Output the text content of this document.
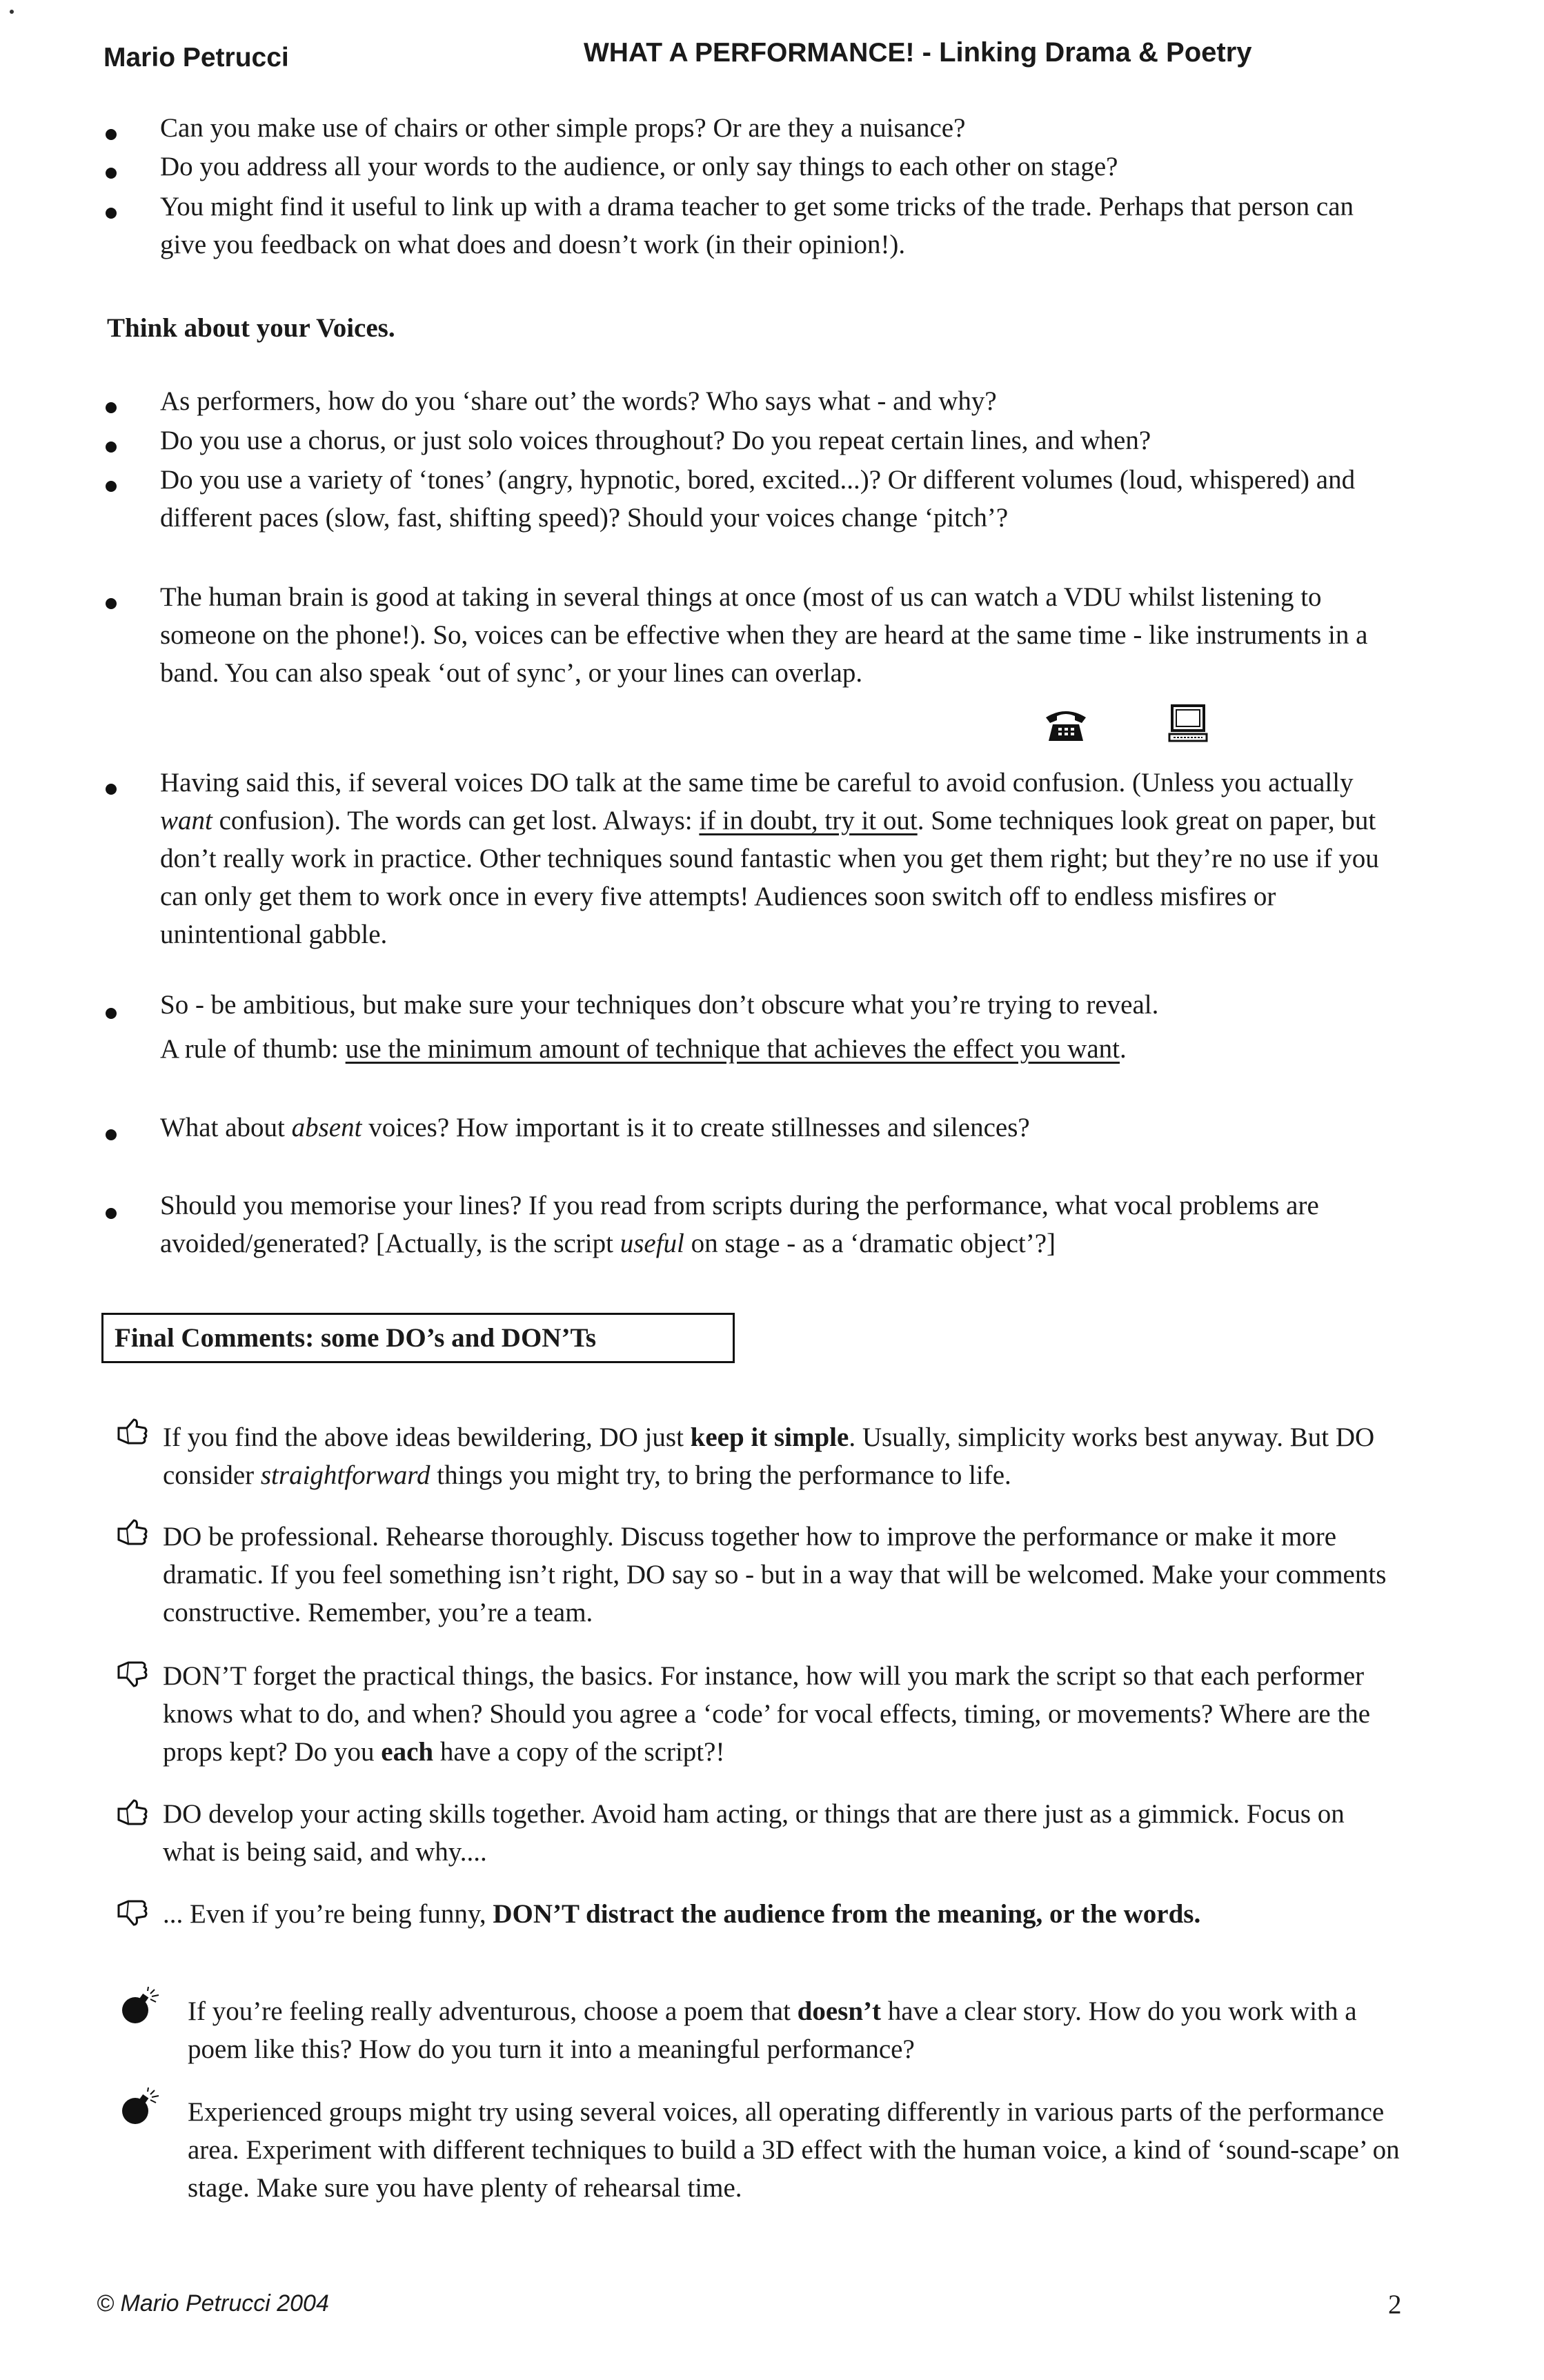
Mario Petrucci	WHAT A PERFORMANCE! - Linking Drama & Poetry
Can you make use of chairs or other simple props? Or are they a nuisance?
Do you address all your words to the audience, or only say things to each other on stage?
You might find it useful to link up with a drama teacher to get some tricks of the trade. Perhaps that person can give you feedback on what does and doesn’t work (in their opinion!).
Think about your Voices.
As performers, how do you ‘share out’ the words? Who says what - and why?
Do you use a chorus, or just solo voices throughout? Do you repeat certain lines, and when?
Do you use a variety of ‘tones’ (angry, hypnotic, bored, excited...)? Or different volumes (loud, whispered) and different paces (slow, fast, shifting speed)? Should your voices change ‘pitch’?
The human brain is good at taking in several things at once (most of us can watch a VDU whilst listening to someone on the phone!). So, voices can be effective when they are heard at the same time - like instruments in a band. You can also speak ‘out of sync’, or your lines can overlap.
Having said this, if several voices DO talk at the same time be careful to avoid confusion. (Unless you actually want confusion). The words can get lost. Always: if in doubt, try it out. Some techniques look great on paper, but don’t really work in practice. Other techniques sound fantastic when you get them right; but they’re no use if you can only get them to work once in every five attempts! Audiences soon switch off to endless misfires or unintentional gabble.
So - be ambitious, but make sure your techniques don’t obscure what you’re trying to reveal.
A rule of thumb: use the minimum amount of technique that achieves the effect you want.
What about absent voices? How important is it to create stillnesses and silences?
Should you memorise your lines? If you read from scripts during the performance, what vocal problems are avoided/generated? [Actually, is the script useful on stage - as a ‘dramatic object’?]
Final Comments: some DO’s and DON’Ts
If you find the above ideas bewildering, DO just keep it simple. Usually, simplicity works best anyway. But DO consider straightforward things you might try, to bring the performance to life.
DO be professional. Rehearse thoroughly. Discuss together how to improve the performance or make it more dramatic. If you feel something isn’t right, DO say so - but in a way that will be welcomed. Make your comments constructive. Remember, you’re a team.
DON’T forget the practical things, the basics. For instance, how will you mark the script so that each performer knows what to do, and when? Should you agree a ‘code’ for vocal effects, timing, or movements? Where are the props kept? Do you each have a copy of the script?!
DO develop your acting skills together. Avoid ham acting, or things that are there just as a gimmick. Focus on what is being said, and why....
... Even if you’re being funny, DON’T distract the audience from the meaning, or the words.
If you’re feeling really adventurous, choose a poem that doesn’t have a clear story. How do you work with a poem like this? How do you turn it into a meaningful performance?
Experienced groups might try using several voices, all operating differently in various parts of the performance area. Experiment with different techniques to build a 3D effect with the human voice, a kind of ‘sound-scape’ on stage. Make sure you have plenty of rehearsal time.
© Mario Petrucci 2004	2
